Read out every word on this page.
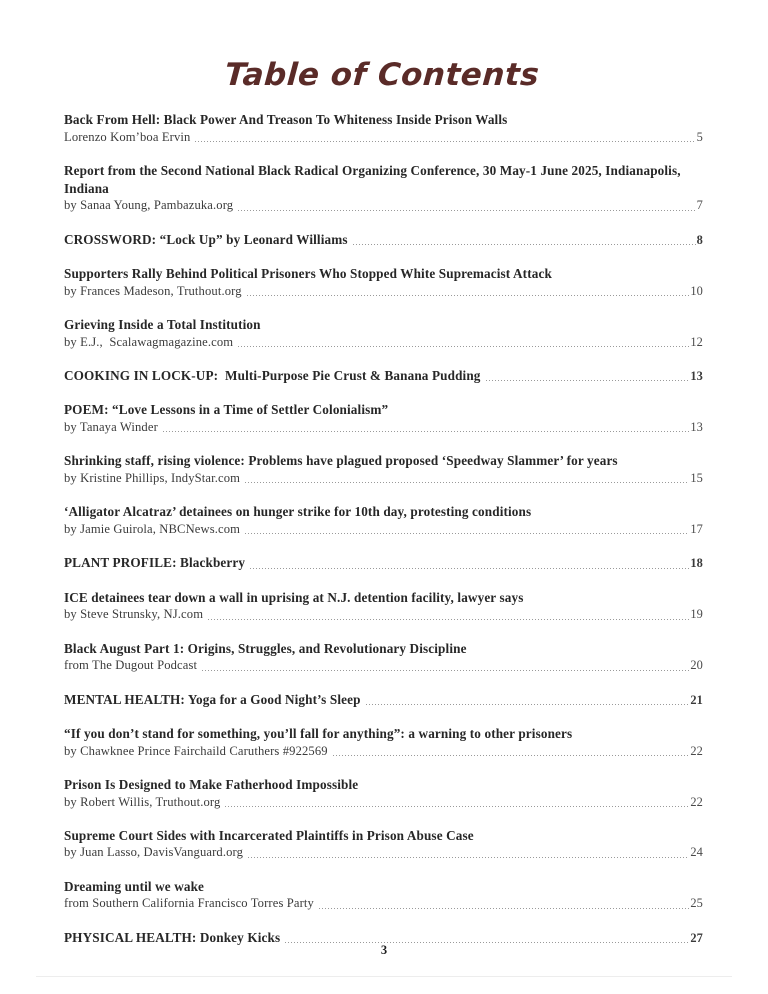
Table of Contents
Back From Hell: Black Power And Treason To Whiteness Inside Prison Walls
Lorenzo Kom’boa Ervin	5
Report from the Second National Black Radical Organizing Conference, 30 May-1 June 2025, Indianapolis, Indiana
by Sanaa Young, Pambazuka.org	7
CROSSWORD: “Lock Up” by Leonard Williams	8
Supporters Rally Behind Political Prisoners Who Stopped White Supremacist Attack
by Frances Madeson, Truthout.org	10
Grieving Inside a Total Institution
by E.J.,  Scalawagmagazine.com	12
COOKING IN LOCK-UP:  Multi-Purpose Pie Crust & Banana Pudding	13
POEM: “Love Lessons in a Time of Settler Colonialism”
by Tanaya Winder	13
Shrinking staff, rising violence: Problems have plagued proposed ‘Speedway Slammer’ for years
by Kristine Phillips, IndyStar.com	15
‘Alligator Alcatraz’ detainees on hunger strike for 10th day, protesting conditions
by Jamie Guirola, NBCNews.com	17
PLANT PROFILE: Blackberry	18
ICE detainees tear down a wall in uprising at N.J. detention facility, lawyer says
by Steve Strunsky, NJ.com	19
Black August Part 1: Origins, Struggles, and Revolutionary Discipline
from The Dugout Podcast	20
MENTAL HEALTH: Yoga for a Good Night’s Sleep	21
“If you don’t stand for something, you’ll fall for anything”: a warning to other prisoners
by Chawknee Prince Fairchaild Caruthers #922569	22
Prison Is Designed to Make Fatherhood Impossible
by Robert Willis, Truthout.org	22
Supreme Court Sides with Incarcerated Plaintiffs in Prison Abuse Case
by Juan Lasso, DavisVanguard.org	24
Dreaming until we wake
from Southern California Francisco Torres Party	25
PHYSICAL HEALTH: Donkey Kicks	27
3
